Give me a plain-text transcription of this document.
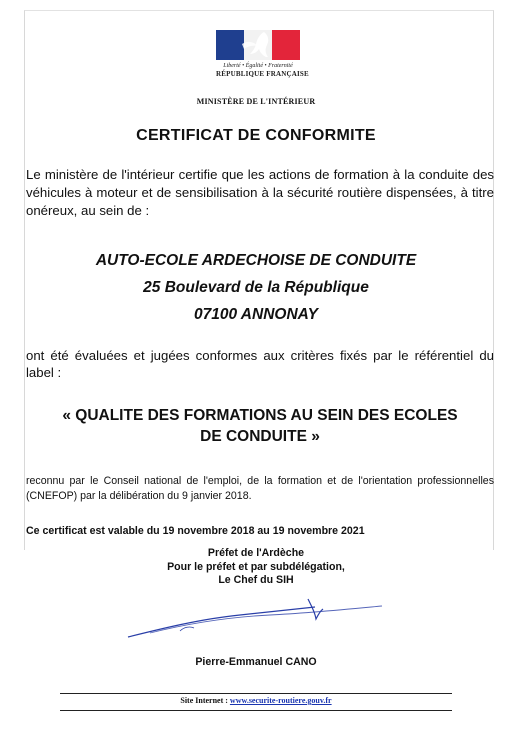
Liberté • Égalité • Fraternité
RÉPUBLIQUE FRANÇAISE
MINISTÈRE DE L'INTÉRIEUR
CERTIFICAT DE CONFORMITE
Le ministère de l'intérieur certifie que les actions de formation à la conduite des véhicules à moteur et de sensibilisation à la sécurité routière dispensées, à titre onéreux, au sein de :
AUTO-ECOLE ARDECHOISE DE CONDUITE
25 Boulevard de la République
07100 ANNONAY
ont été évaluées et jugées conformes aux critères fixés par le référentiel du label :
« QUALITE DES FORMATIONS AU SEIN DES ECOLES
DE CONDUITE »
reconnu par le Conseil national de l'emploi, de la formation et de l'orientation professionnelles (CNEFOP) par la délibération du 9 janvier 2018.
Ce certificat est valable du 19 novembre 2018 au 19 novembre 2021
Préfet de l'Ardèche
Pour le préfet et par subdélégation,
Le Chef du SIH
Pierre-Emmanuel CANO
Site Internet : www.securite-routiere.gouv.fr
